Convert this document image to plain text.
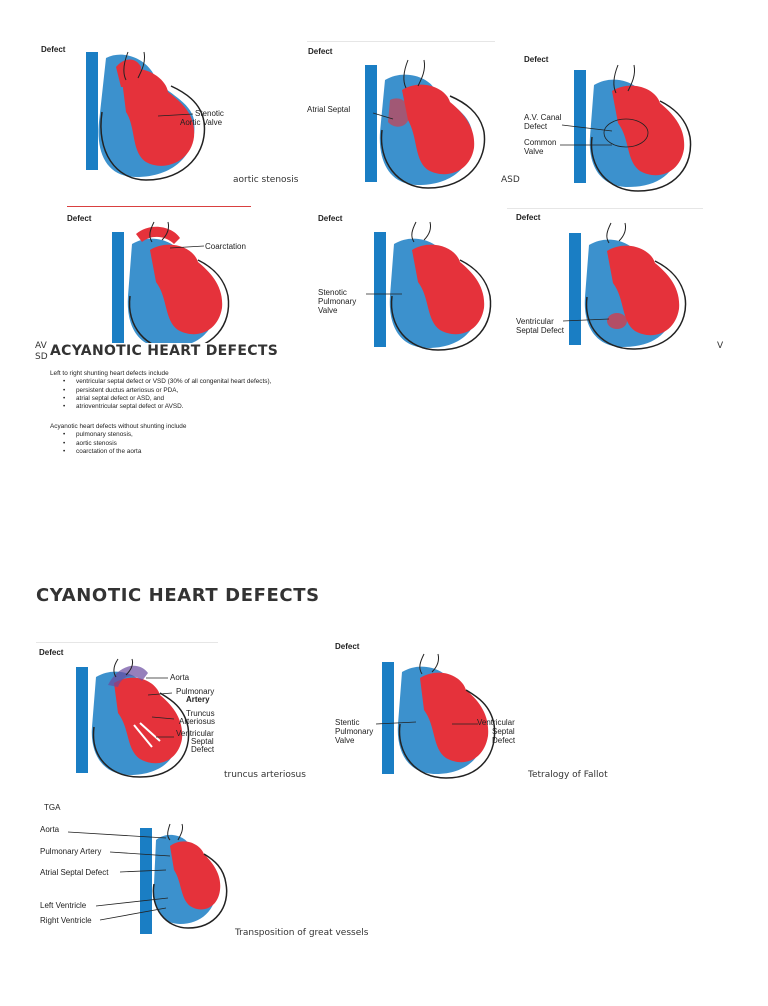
Defect
Stenotic
Aortic Valve
aortic stenosis
Defect
Atrial Septal
ASD
Defect
A.V. Canal
Defect
Common
Valve
Defect
Coarctation
Defect
Stenotic
Pulmonary
Valve
Defect
Ventricular
Septal Defect
AV
SD
V
ACYANOTIC HEART DEFECTS
Left to right shunting heart defects include
• ventricular septal defect or VSD (30% of all congenital heart defects),
• persistent ductus arteriosus or PDA,
• atrial septal defect or ASD, and
• atrioventricular septal defect or AVSD.
Acyanotic heart defects without shunting include
• pulmonary stenosis,
• aortic stenosis
• coarctation of the aorta
CYANOTIC HEART DEFECTS
Defect
Aorta
Pulmonary
Artery
Truncus
Arteriosus
Ventricular
Septal
Defect
truncus arteriosus
Defect
Stentic
Pulmonary
Valve
Ventricular
Septal
Defect
Tetralogy of Fallot
TGA
Aorta
Pulmonary Artery
Atrial Septal Defect
Left Ventricle
Right Ventricle
Transposition of great vessels
